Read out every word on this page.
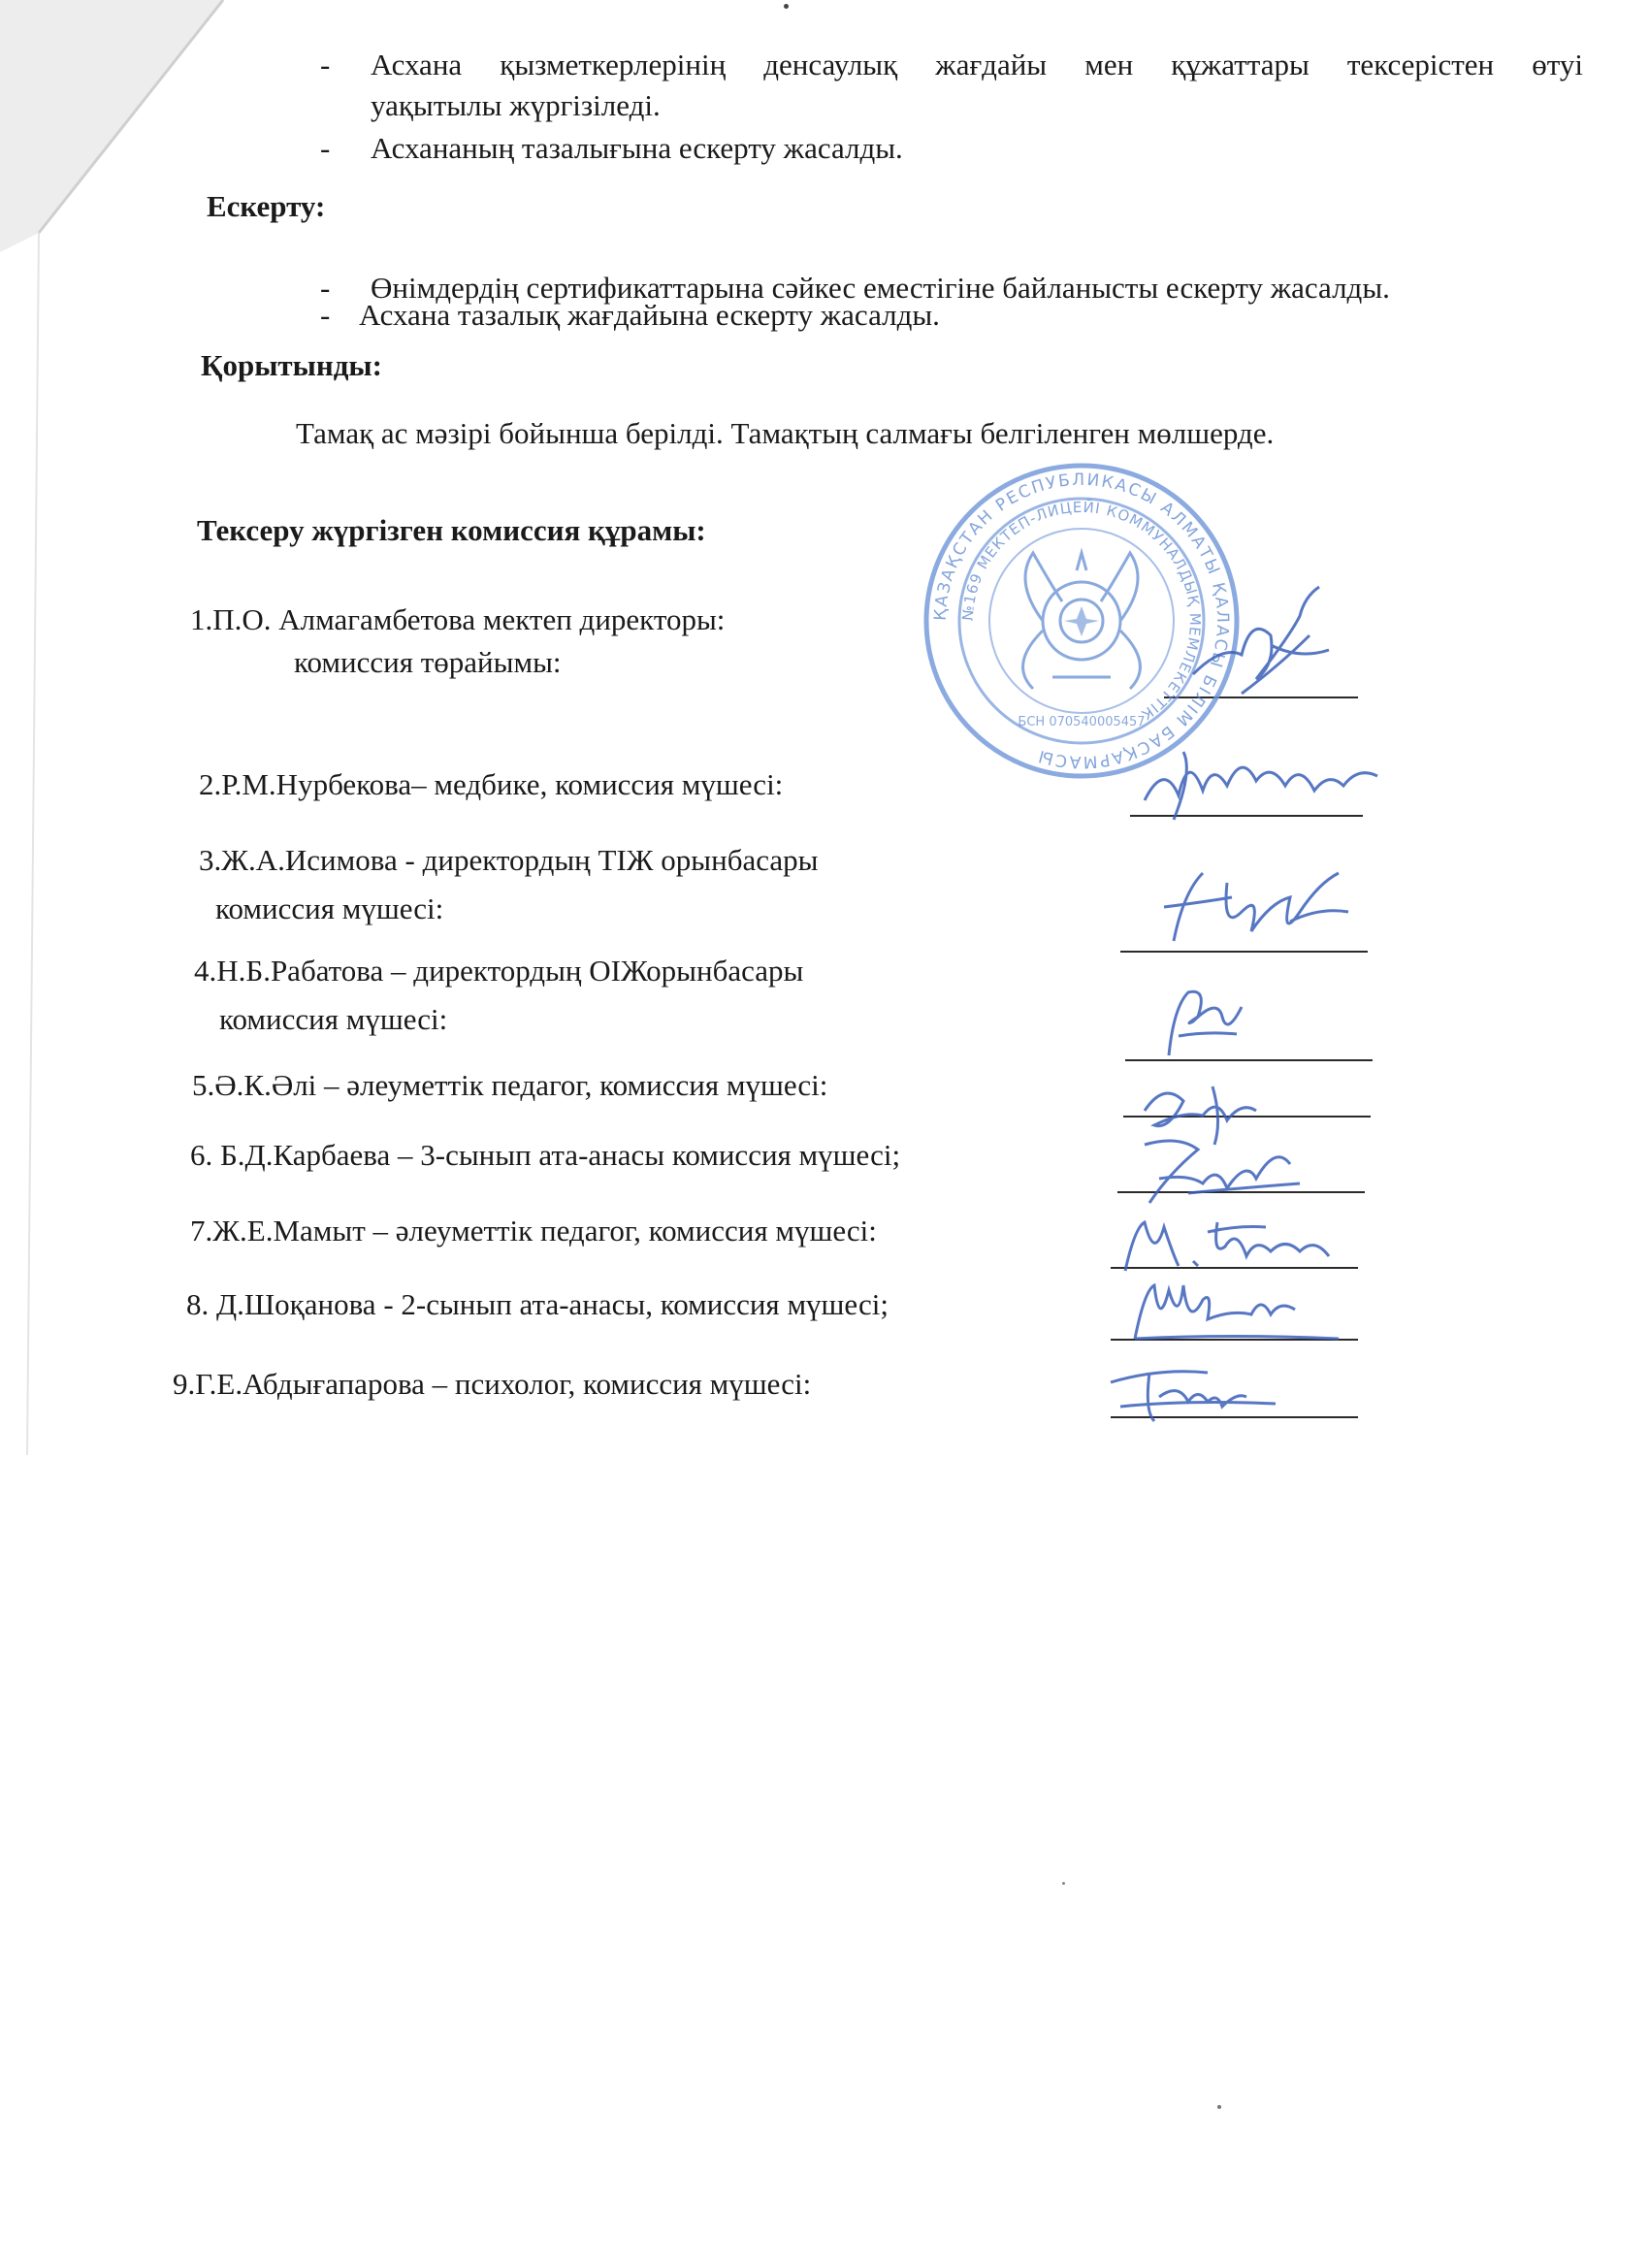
- Асхана қызметкерлерінің денсаулық жағдайы мен құжаттары тексерістен өтуі
уақытылы жүргізіледі.
- Асхананың тазалығына ескерту жасалды.
Ескерту:
- Өнімдердің сертификаттарына сәйкес еместігіне байланысты ескерту жасалды.
- Асхана тазалық жағдайына ескерту жасалды.
Қорытынды:
Тамақ ас мәзірі бойынша берілді. Тамақтың салмағы белгіленген мөлшерде.
Тексеру жүргізген комиссия құрамы:
1.П.О. Алмагамбетова мектеп директоры:
комиссия төрайымы:
2.Р.М.Нурбекова– медбике, комиссия мүшесі:
3.Ж.А.Исимова - директордың ТІЖ орынбасары
комиссия мүшесі:
4.Н.Б.Рабатова – директордың ОІЖорынбасары
комиссия мүшесі:
5.Ә.К.Әлі – әлеуметтік педагог, комиссия мүшесі:
6. Б.Д.Карбаева – 3-сынып ата-анасы комиссия мүшесі;
7.Ж.Е.Мамыт – әлеуметтік педагог, комиссия мүшесі:
8. Д.Шоқанова - 2-сынып ата-анасы, комиссия мүшесі;
9.Г.Е.Абдығапарова – психолог, комиссия мүшесі:
ҚАЗАҚСТАН РЕСПУБЛИКАСЫ АЛМАТЫ ҚАЛАСЫ БІЛІМ БАСҚАРМАСЫ
№169 МЕКТЕП-ЛИЦЕЙІ КОММУНАЛДЫҚ МЕМЛЕКЕТТІК
БСН 070540005457
